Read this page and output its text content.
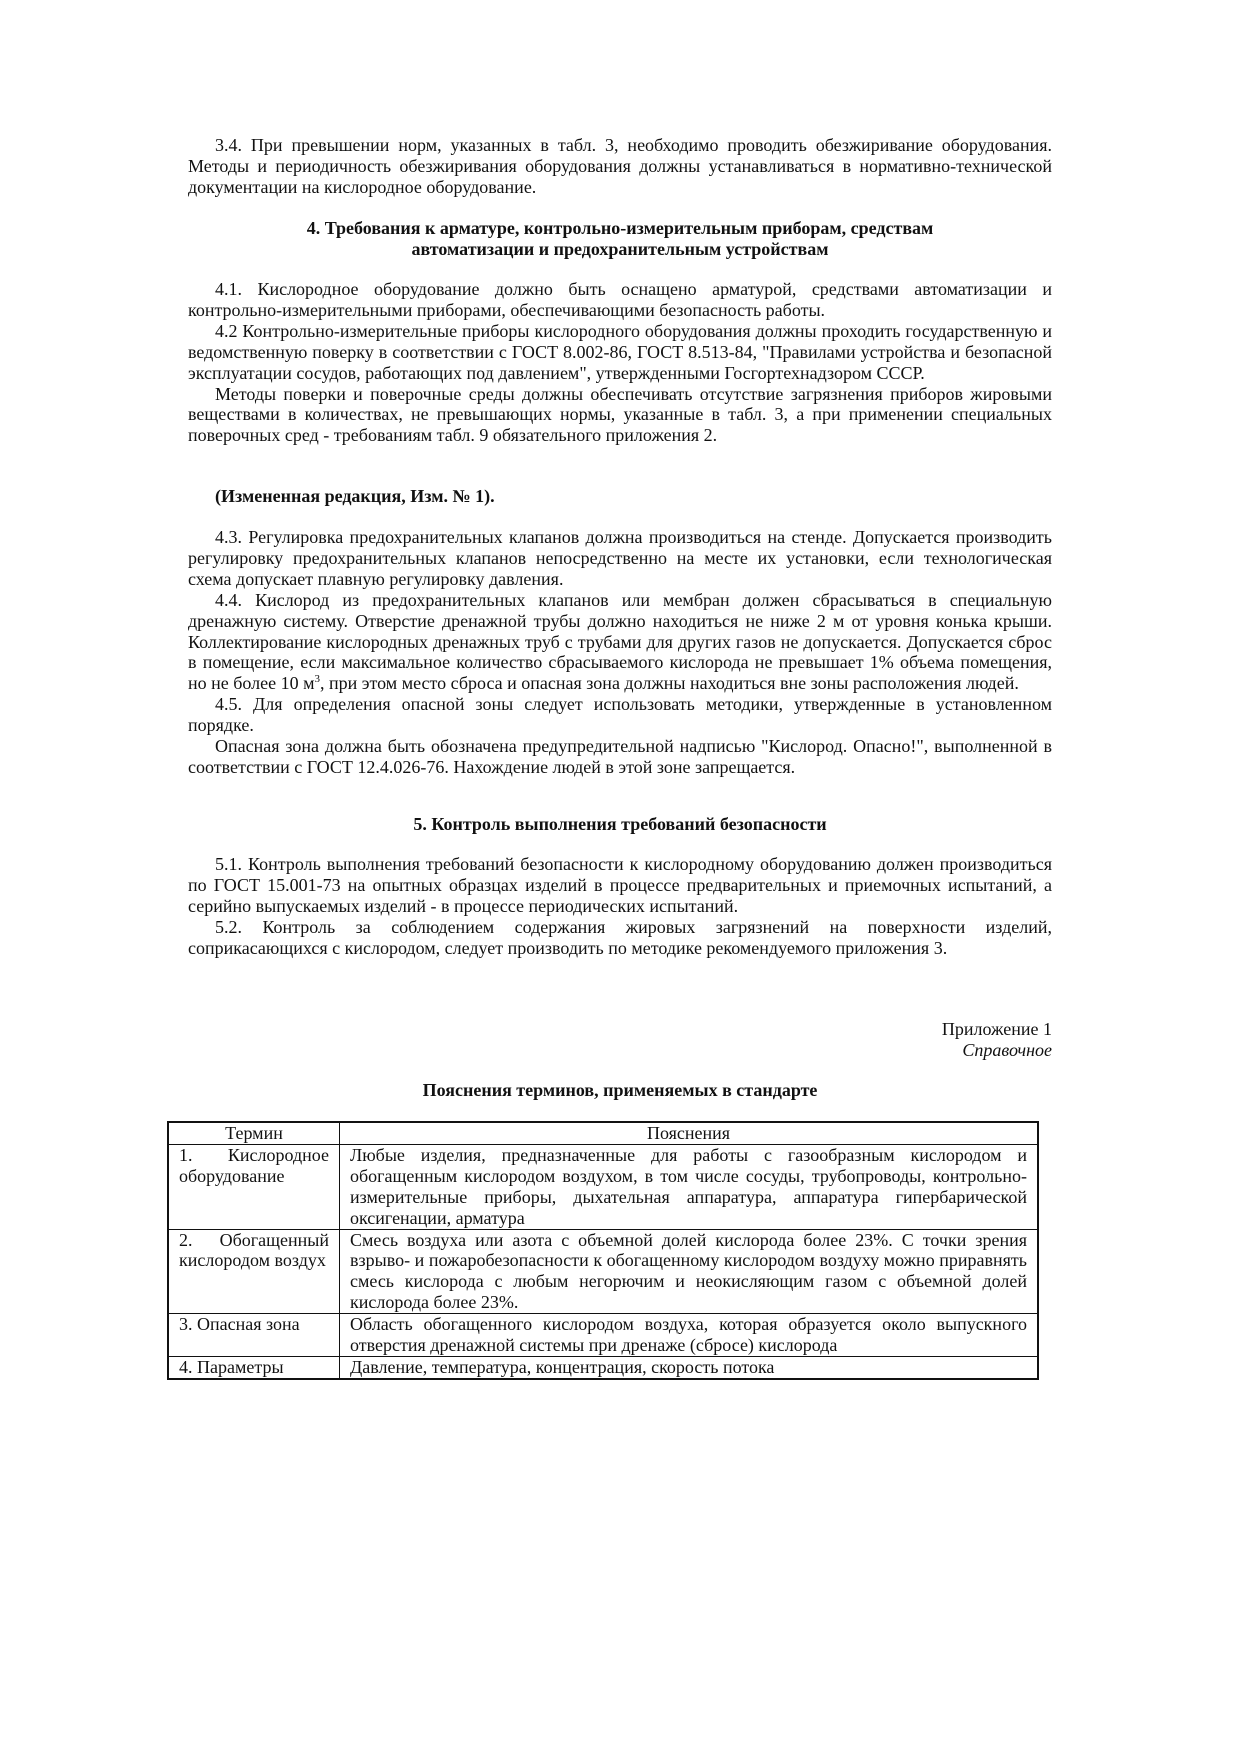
3.4. При превышении норм, указанных в табл. 3, необходимо проводить обезжиривание оборудования. Методы и периодичность обезжиривания оборудования должны устанавливаться в нормативно-технической документации на кислородное оборудование.

4. Требования к арматуре, контрольно-измерительным приборам, средствам

автоматизации и предохранительным устройствам

4.1. Кислородное оборудование должно быть оснащено арматурой, средствами автоматизации и контрольно-измерительными приборами, обеспечивающими безопасность работы.

4.2 Контрольно-измерительные приборы кислородного оборудования должны проходить государственную и ведомственную поверку в соответствии с ГОСТ 8.002-86, ГОСТ 8.513-84, "Правилами устройства и безопасной эксплуатации сосудов, работающих под давлением", утвержденными Госгортехнадзором СССР.

Методы поверки и поверочные среды должны обеспечивать отсутствие загрязнения приборов жировыми веществами в количествах, не превышающих нормы, указанные в табл. 3, а при применении специальных поверочных сред - требованиям табл. 9 обязательного приложения 2.

(Измененная редакция, Изм. № 1).

4.3. Регулировка предохранительных клапанов должна производиться на стенде. Допускается производить регулировку предохранительных клапанов непосредственно на месте их установки, если технологическая схема допускает плавную регулировку давления.

4.4. Кислород из предохранительных клапанов или мембран должен сбрасываться в специальную дренажную систему. Отверстие дренажной трубы должно находиться не ниже 2 м от уровня конька крыши. Коллектирование кислородных дренажных труб с трубами для других газов не допускается. Допускается сброс в помещение, если максимальное количество сбрасываемого кислорода не превышает 1% объема помещения, но не более 10 $м^3$, при этом место сброса и опасная зона должны находиться вне зоны расположения людей.

4.5. Для определения опасной зоны следует использовать методики, утвержденные в установленном порядке.

Опасная зона должна быть обозначена предупредительной надписью "Кислород. Опасно!", выполненной в соответствии с ГОСТ 12.4.026-76. Нахождение людей в этой зоне запрещается.

5. Контроль выполнения требований безопасности

5.1. Контроль выполнения требований безопасности к кислородному оборудованию должен производиться по ГОСТ 15.001-73 на опытных образцах изделий в процессе предварительных и приемочных испытаний, а серийно выпускаемых изделий - в процессе периодических испытаний.

5.2. Контроль за соблюдением содержания жировых загрязнений на поверхности изделий, соприкасающихся с кислородом, следует производить по методике рекомендуемого приложения 3.

Приложение 1
Справочное

Пояснения терминов, применяемых в стандарте

Термин	Пояснения
1. Кислородное оборудование	Любые изделия, предназначенные для работы с газообразным кислородом и обогащенным кислородом воздухом, в том числе сосуды, трубопроводы, контрольно-измерительные приборы, дыхательная аппаратура, аппаратура гипербарической оксигенации, арматура
2. Обогащенный кислородом воздух	Смесь воздуха или азота с объемной долей кислорода более 23%. С точки зрения взрыво- и пожаробезопасности к обогащенному кислородом воздуху можно приравнять смесь кислорода с любым негорючим и неокисляющим газом с объемной долей кислорода более 23%.
3. Опасная зона	Область обогащенного кислородом воздуха, которая образуется около выпускного отверстия дренажной системы при дренаже (сбросе) кислорода
4. Параметры	Давление, температура, концентрация, скорость потока
